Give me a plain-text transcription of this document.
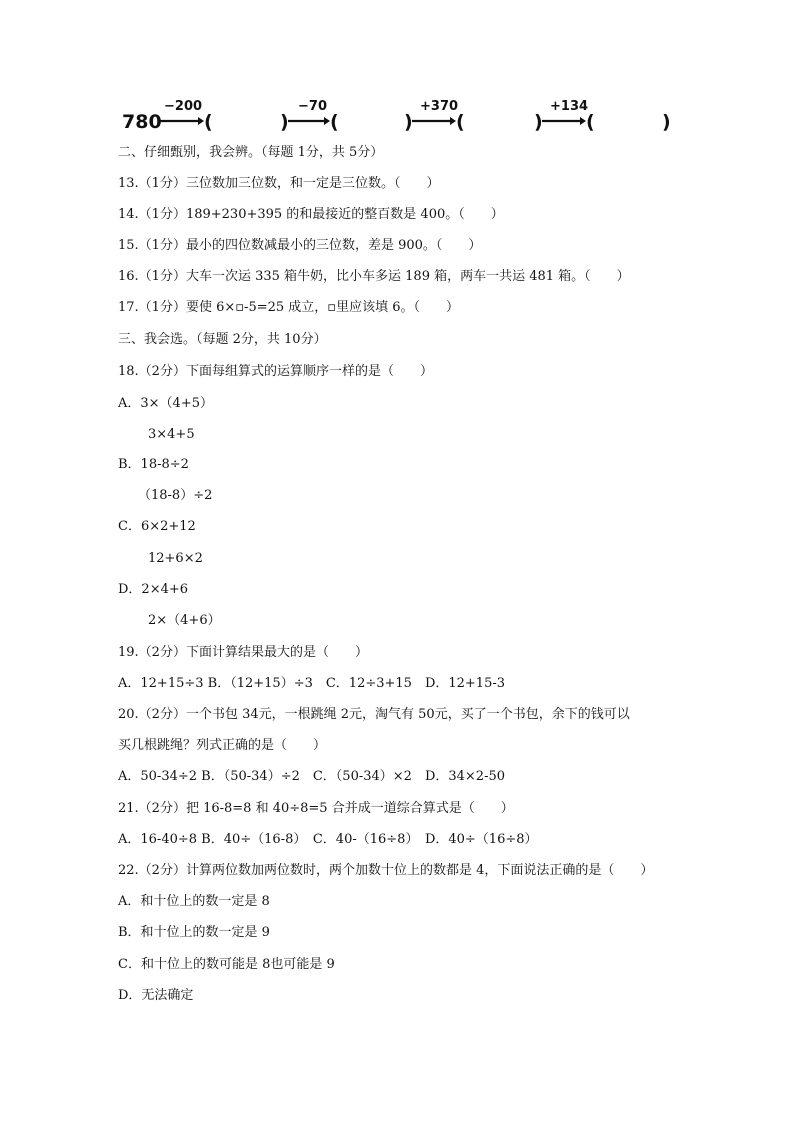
780
−200
(	)
−70
(	)
+370
(	)
+134
(	)
二、仔细甄别，我会辨。（每题 1分，共 5分）
13.（1分）三位数加三位数，和一定是三位数。（　　）
14.（1分）189+230+395 的和最接近的整百数是 400。（　　）
15.（1分）最小的四位数减最小的三位数，差是 900。（　　）
16.（1分）大车一次运 335 箱牛奶，比小车多运 189 箱，两车一共运 481 箱。（　　）
17.（1分）要使 6×▫-5=25 成立，▫里应该填 6。（　　）
三、我会选。（每题 2分，共 10分）
18.（2分）下面每组算式的运算顺序一样的是（　　）
A．3×（4+5）
3×4+5
B．18-8÷2
（18-8）÷2
C．6×2+12
12+6×2
D．2×4+6
2×（4+6）
19.（2分）下面计算结果最大的是（　　）
A．12+15÷3 B．（12+15）÷3　C．12÷3+15　D．12+15-3
20.（2分）一个书包 34元，一根跳绳 2元，淘气有 50元，买了一个书包，余下的钱可以
买几根跳绳？列式正确的是（　　）
A．50-34÷2 B．（50-34）÷2　C．（50-34）×2　D．34×2-50
21.（2分）把 16-8=8 和 40÷8=5 合并成一道综合算式是（　　）
A．16-40÷8 B．40÷（16-8）　C．40-（16÷8）　D．40÷（16÷8）
22.（2分）计算两位数加两位数时，两个加数十位上的数都是 4，下面说法正确的是（　　）
A．和十位上的数一定是 8
B．和十位上的数一定是 9
C．和十位上的数可能是 8也可能是 9
D．无法确定
